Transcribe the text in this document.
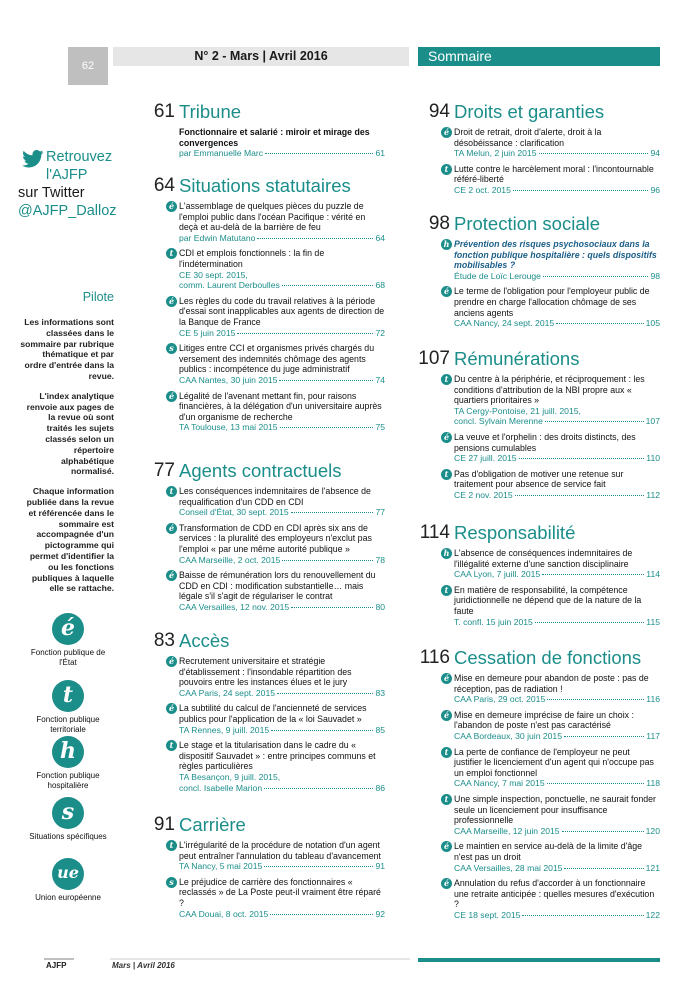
62
N° 2 - Mars | Avril 2016	Sommaire
Retrouvez
l'AJFP
sur Twitter
@AJFP_Dalloz
Pilote

Les informations sont classées dans le sommaire par rubrique thématique et par ordre d'entrée dans la revue.

L'index analytique renvoie aux pages de la revue où sont traités les sujets classés selon un répertoire alphabétique normalisé.

Chaque information publiée dans la revue et référencée dans le sommaire est accompagnée d'un pictogramme qui permet d'identifier la ou les fonctions publiques à laquelle elle se rattache.

é
Fonction publique de l'État
t
Fonction publique territoriale
h
Fonction publique hospitalière
s
Situations spécifiques
ue
Union européenne
61 Tribune
Fonctionnaire et salarié : miroir et mirage des convergences
par Emmanuelle Marc	61
64 Situations statutaires
é L'assemblage de quelques pièces du puzzle de l'emploi public dans l'océan Pacifique : vérité en deçà et au-delà de la barrière de feu
par Edwin Matutano	64
t CDI et emplois fonctionnels : la fin de l'indétermination
CE 30 sept. 2015,
comm. Laurent Derboulles	68
é Les règles du code du travail relatives à la période d'essai sont inapplicables aux agents de direction de la Banque de France
CE 5 juin 2015	72
s Litiges entre CCI et organismes privés chargés du versement des indemnités chômage des agents publics : incompétence du juge administratif
CAA Nantes, 30 juin 2015	74
é Légalité de l'avenant mettant fin, pour raisons financières, à la délégation d'un universitaire auprès d'un organisme de recherche
TA Toulouse, 13 mai 2015	75
77 Agents contractuels
t Les conséquences indemnitaires de l'absence de requalification d'un CDD en CDI
Conseil d'État, 30 sept. 2015	77
é Transformation de CDD en CDI après six ans de services : la pluralité des employeurs n'exclut pas l'emploi « par une même autorité publique »
CAA Marseille, 2 oct. 2015	78
é Baisse de rémunération lors du renouvellement du CDD en CDI : modification substantielle… mais légale s'il s'agit de régulariser le contrat
CAA Versailles, 12 nov. 2015	80
83 Accès
é Recrutement universitaire et stratégie d'établissement : l'insondable répartition des pouvoirs entre les instances élues et le jury
CAA Paris, 24 sept. 2015	83
é La subtilité du calcul de l'ancienneté de services publics pour l'application de la « loi Sauvadet »
TA Rennes, 9 juill. 2015	85
t Le stage et la titularisation dans le cadre du « dispositif Sauvadet » : entre principes communs et règles particulières
TA Besançon, 9 juill. 2015,
concl. Isabelle Marion	86
91 Carrière
t L'irrégularité de la procédure de notation d'un agent peut entraîner l'annulation du tableau d'avancement
TA Nancy, 5 mai 2015	91
s Le préjudice de carrière des fonctionnaires « reclassés » de La Poste peut-il vraiment être réparé ?
CAA Douai, 8 oct. 2015	92
94 Droits et garanties
é Droit de retrait, droit d'alerte, droit à la désobéissance : clarification
TA Melun, 2 juin 2015	94
t Lutte contre le harcèlement moral : l'incontournable référé-liberté
CE 2 oct. 2015	96
98 Protection sociale
h Prévention des risques psychosociaux dans la fonction publique hospitalière : quels dispositifs mobilisables ?
Étude de Loïc Lerouge	98
é Le terme de l'obligation pour l'employeur public de prendre en charge l'allocation chômage de ses anciens agents
CAA Nancy, 24 sept. 2015	105
107 Rémunérations
t Du centre à la périphérie, et réciproquement : les conditions d'attribution de la NBI propre aux « quartiers prioritaires »
TA Cergy-Pontoise, 21 juill. 2015,
concl. Sylvain Merenne	107
é La veuve et l'orphelin : des droits distincts, des pensions cumulables
CE 27 juill. 2015	110
t Pas d'obligation de motiver une retenue sur traitement pour absence de service fait
CE 2 nov. 2015	112
114 Responsabilité
h L'absence de conséquences indemnitaires de l'illégalité externe d'une sanction disciplinaire
CAA Lyon, 7 juill. 2015	114
t En matière de responsabilité, la compétence juridictionnelle ne dépend que de la nature de la faute
T. confl. 15 juin 2015	115
116 Cessation de fonctions
é Mise en demeure pour abandon de poste : pas de réception, pas de radiation !
CAA Paris, 29 oct. 2015	116
é Mise en demeure imprécise de faire un choix : l'abandon de poste n'est pas caractérisé
CAA Bordeaux, 30 juin 2015	117
t La perte de confiance de l'employeur ne peut justifier le licenciement d'un agent qui n'occupe pas un emploi fonctionnel
CAA Nancy, 7 mai 2015	118
t Une simple inspection, ponctuelle, ne saurait fonder seule un licenciement pour insuffisance professionnelle
CAA Marseille, 12 juin 2015	120
é Le maintien en service au-delà de la limite d'âge n'est pas un droit
CAA Versailles, 28 mai 2015	121
é Annulation du refus d'accorder à un fonctionnaire une retraite anticipée : quelles mesures d'exécution ?
CE 18 sept. 2015	122
AJFP	Mars | Avril 2016
